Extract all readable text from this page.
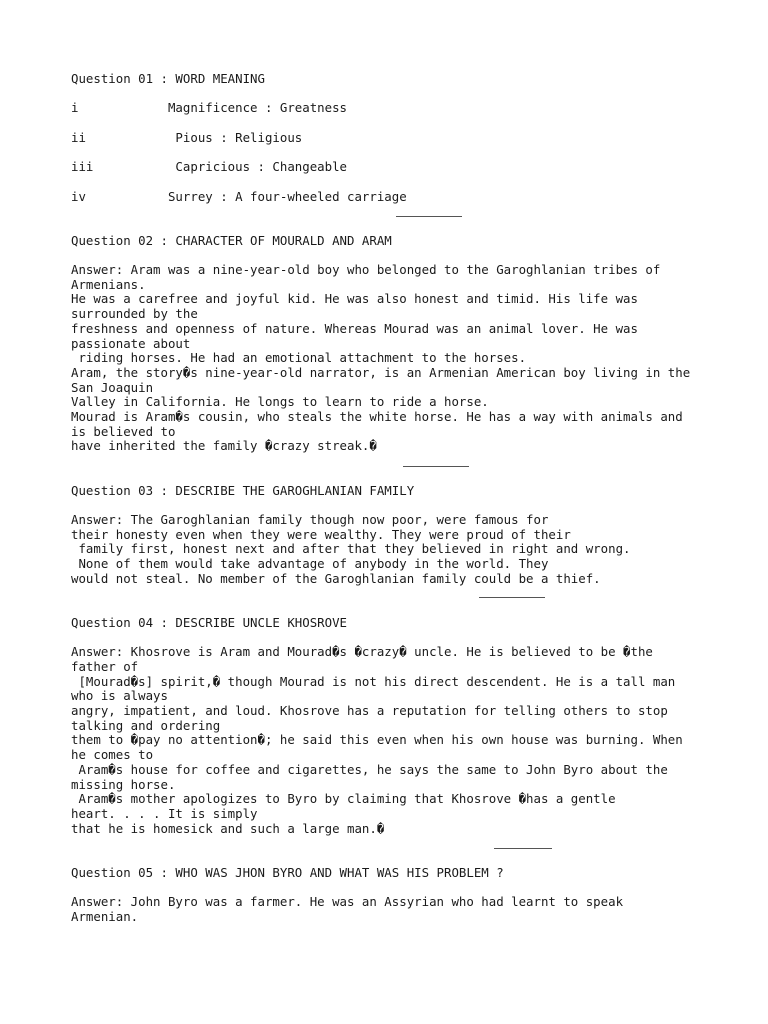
Question 01 : WORD MEANING
i            Magnificence : Greatness
ii            Pious : Religious
iii           Capricious : Changeable
iv           Surrey : A four-wheeled carriage
Question 02 : CHARACTER OF MOURALD AND ARAM
Answer: Aram was a nine-year-old boy who belonged to the Garoghlanian tribes of
Armenians.
He was a carefree and joyful kid. He was also honest and timid. His life was
surrounded by the
freshness and openness of nature. Whereas Mourad was an animal lover. He was
passionate about
riding horses. He had an emotional attachment to the horses.
Aram, the story�s nine-year-old narrator, is an Armenian American boy living in the
San Joaquin
Valley in California. He longs to learn to ride a horse.
Mourad is Aram�s cousin, who steals the white horse. He has a way with animals and
is believed to
have inherited the family �crazy streak.�
Question 03 : DESCRIBE THE GAROGHLANIAN FAMILY
Answer: The Garoghlanian family though now poor, were famous for
their honesty even when they were wealthy. They were proud of their
family first, honest next and after that they believed in right and wrong.
None of them would take advantage of anybody in the world. They
would not steal. No member of the Garoghlanian family could be a thief.
Question 04 : DESCRIBE UNCLE KHOSROVE
Answer: Khosrove is Aram and Mourad�s �crazy� uncle. He is believed to be �the
father of
[Mourad�s] spirit,� though Mourad is not his direct descendent. He is a tall man
who is always
angry, impatient, and loud. Khosrove has a reputation for telling others to stop
talking and ordering
them to �pay no attention�; he said this even when his own house was burning. When
he comes to
Aram�s house for coffee and cigarettes, he says the same to John Byro about the
missing horse.
Aram�s mother apologizes to Byro by claiming that Khosrove �has a gentle
heart. . . . It is simply
that he is homesick and such a large man.�
Question 05 : WHO WAS JHON BYRO AND WHAT WAS HIS PROBLEM ?
Answer: John Byro was a farmer. He was an Assyrian who had learnt to speak
Armenian.
